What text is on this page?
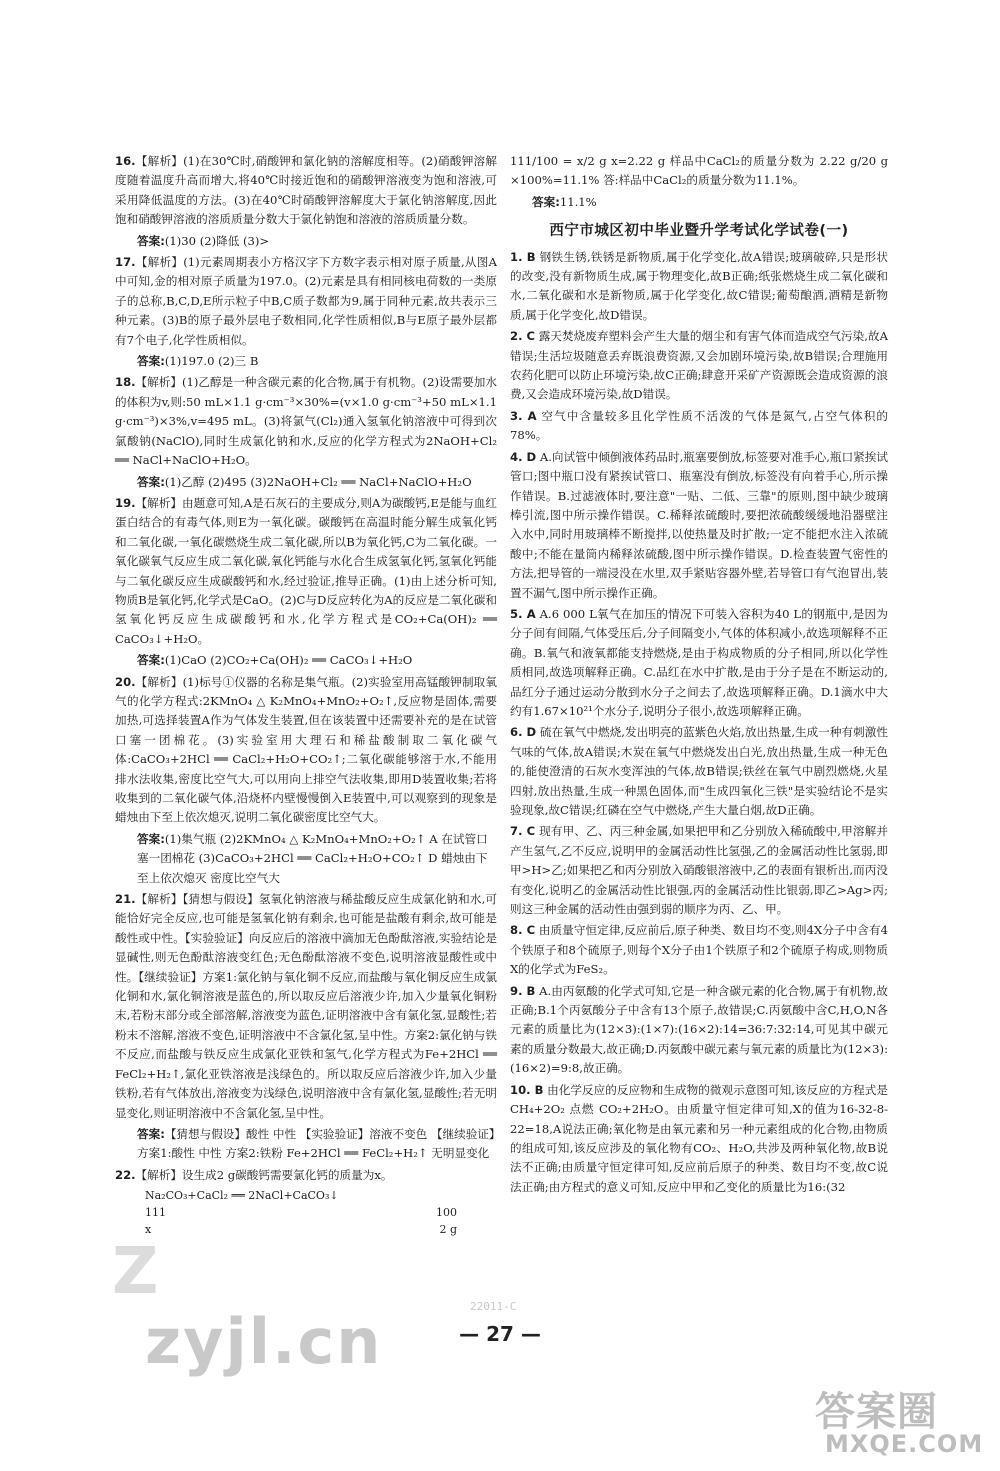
16.【解析】(1)在30℃时,硝酸钾和氯化钠的溶解度相等。(2)硝酸钾溶解度随着温度升高而增大,将40℃时接近饱和的硝酸钾溶液变为饱和溶液,可采用降低温度的方法。(3)在40℃时硝酸钾溶解度大于氯化钠溶解度,因此饱和硝酸钾溶液的溶质质量分数大于氯化钠饱和溶液的溶质质量分数。

答案:(1)30 (2)降低 (3)>

17.【解析】(1)元素周期表小方格汉字下方数字表示相对原子质量,从图A中可知,金的相对原子质量为197.0。(2)元素是具有相同核电荷数的一类原子的总称,B,C,D,E所示粒子中B,C质子数都为9,属于同种元素,故共表示三种元素。(3)B的原子最外层电子数相同,化学性质相似,B与E原子最外层都有7个电子,化学性质相似。

答案:(1)197.0 (2)三 B

18.【解析】(1)乙醇是一种含碳元素的化合物,属于有机物。(2)设需要加水的体积为v,则:50 mL×1.1 g·cm⁻³×30%=(v×1.0 g·cm⁻³+50 mL×1.1 g·cm⁻³)×3%,v=495 mL。(3)将氯气(Cl₂)通入氢氧化钠溶液中可得到次氯酸钠(NaClO),同时生成氯化钠和水,反应的化学方程式为2NaOH+Cl₂ ══ NaCl+NaClO+H₂O。

答案:(1)乙醇 (2)495 (3)2NaOH+Cl₂ ══ NaCl+NaClO+H₂O

19.【解析】由题意可知,A是石灰石的主要成分,则A为碳酸钙,E是能与血红蛋白结合的有毒气体,则E为一氧化碳。碳酸钙在高温时能分解生成氧化钙和二氧化碳,一氧化碳燃烧生成二氧化碳,所以B为氧化钙,C为二氧化碳。一氧化碳氧气反应生成二氧化碳,氧化钙能与水化合生成氢氧化钙,氢氧化钙能与二氧化碳反应生成碳酸钙和水,经过验证,推导正确。(1)由上述分析可知,物质B是氧化钙,化学式是CaO。(2)C与D反应转化为A的反应是二氧化碳和氢氧化钙反应生成碳酸钙和水,化学方程式是CO₂+Ca(OH)₂ ══ CaCO₃↓+H₂O。

答案:(1)CaO (2)CO₂+Ca(OH)₂ ══ CaCO₃↓+H₂O

20.【解析】(1)标号①仪器的名称是集气瓶。(2)实验室用高锰酸钾制取氧气的化学方程式:2KMnO₄ △ K₂MnO₄+MnO₂+O₂↑,反应物是固体,需要加热,可选择装置A作为气体发生装置,但在该装置中还需要补充的是在试管口塞一团棉花。(3)实验室用大理石和稀盐酸制取二氧化碳气体:CaCO₃+2HCl ══ CaCl₂+H₂O+CO₂↑;二氧化碳能够溶于水,不能用排水法收集,密度比空气大,可以用向上排空气法收集,即用D装置收集;若将收集到的二氧化碳气体,沿烧杯内壁慢慢倒入E装置中,可以观察到的现象是蜡烛由下至上依次熄灭,说明二氧化碳密度比空气大。

答案:(1)集气瓶 (2)2KMnO₄ △ K₂MnO₄+MnO₂+O₂↑ A 在试管口塞一团棉花 (3)CaCO₃+2HCl ══ CaCl₂+H₂O+CO₂↑ D 蜡烛由下至上依次熄灭 密度比空气大

21.【解析】【猜想与假设】氢氧化钠溶液与稀盐酸反应生成氯化钠和水,可能恰好完全反应,也可能是氢氧化钠有剩余,也可能是盐酸有剩余,故可能是酸性或中性。【实验验证】向反应后的溶液中滴加无色酚酞溶液,实验结论是显碱性,则无色酚酞溶液变红色;无色酚酞溶液不变色,说明溶液显酸性或中性。【继续验证】方案1:氯化钠与氧化铜不反应,而盐酸与氧化铜反应生成氯化铜和水,氯化铜溶液是蓝色的,所以取反应后溶液少许,加入少量氧化铜粉末,若粉末部分或全部溶解,溶液变为蓝色,证明溶液中含有氯化氢,显酸性;若粉末不溶解,溶液不变色,证明溶液中不含氯化氢,呈中性。方案2:氯化钠与铁不反应,而盐酸与铁反应生成氯化亚铁和氢气,化学方程式为Fe+2HCl ══ FeCl₂+H₂↑,氯化亚铁溶液是浅绿色的。所以取反应后溶液少许,加入少量铁粉,若有气体放出,溶液变为浅绿色,说明溶液中含有氯化氢,显酸性;若无明显变化,则证明溶液中不含氯化氢,呈中性。

答案:【猜想与假设】酸性 中性 【实验验证】溶液不变色 【继续验证】方案1:酸性 中性 方案2:铁粉 Fe+2HCl ══ FeCl₂+H₂↑ 无明显变化

22.【解析】设生成2 g碳酸钙需要氯化钙的质量为x。

Na₂CO₃+CaCl₂ ══ 2NaCl+CaCO₃↓
111	100
x	2 g

111/100 = x/2 g x=2.22 g 样品中CaCl₂的质量分数为 2.22 g/20 g ×100%=11.1% 答:样品中CaCl₂的质量分数为11.1%。

答案:11.1%

西宁市城区初中毕业暨升学考试化学试卷(一)

1. B 钢铁生锈,铁锈是新物质,属于化学变化,故A错误;玻璃破碎,只是形状的改变,没有新物质生成,属于物理变化,故B正确;纸张燃烧生成二氧化碳和水,二氧化碳和水是新物质,属于化学变化,故C错误;葡萄酿酒,酒精是新物质,属于化学变化,故D错误。

2. C 露天焚烧废弃塑料会产生大量的烟尘和有害气体而造成空气污染,故A错误;生活垃圾随意丢弃既浪费资源,又会加剧环境污染,故B错误;合理施用农药化肥可以防止环境污染,故C正确;肆意开采矿产资源既会造成资源的浪费,又会造成环境污染,故D错误。

3. A 空气中含量较多且化学性质不活泼的气体是氮气,占空气体积的78%。

4. D A.向试管中倾倒液体药品时,瓶塞要倒放,标签要对准手心,瓶口紧挨试管口;图中瓶口没有紧挨试管口、瓶塞没有倒放,标签没有向着手心,所示操作错误。B.过滤液体时,要注意"一贴、二低、三靠"的原则,图中缺少玻璃棒引流,图中所示操作错误。C.稀释浓硫酸时,要把浓硫酸缓缓地沿器壁注入水中,同时用玻璃棒不断搅拌,以使热量及时扩散;一定不能把水注入浓硫酸中;不能在量筒内稀释浓硫酸,图中所示操作错误。D.检查装置气密性的方法,把导管的一端浸没在水里,双手紧贴容器外壁,若导管口有气泡冒出,装置不漏气,图中所示操作正确。

5. A A.6 000 L氧气在加压的情况下可装入容积为40 L的钢瓶中,是因为分子间有间隔,气体受压后,分子间隔变小,气体的体积减小,故选项解释不正确。B.氧气和液氧都能支持燃烧,是由于构成物质的分子相同,所以化学性质相同,故选项解释正确。C.品红在水中扩散,是由于分子是在不断运动的,品红分子通过运动分散到水分子之间去了,故选项解释正确。D.1滴水中大约有1.67×10²¹个水分子,说明分子很小,故选项解释正确。

6. D 硫在氧气中燃烧,发出明亮的蓝紫色火焰,放出热量,生成一种有刺激性气味的气体,故A错误;木炭在氧气中燃烧发出白光,放出热量,生成一种无色的,能使澄清的石灰水变浑浊的气体,故B错误;铁丝在氧气中剧烈燃烧,火星四射,放出热量,生成一种黑色固体,而"生成四氧化三铁"是实验结论不是实验现象,故C错误;红磷在空气中燃烧,产生大量白烟,故D正确。

7. C 现有甲、乙、丙三种金属,如果把甲和乙分别放入稀硫酸中,甲溶解并产生氢气,乙不反应,说明甲的金属活动性比氢强,乙的金属活动性比氢弱,即甲>H>乙;如果把乙和丙分别放入硝酸银溶液中,乙的表面有银析出,而丙没有变化,说明乙的金属活动性比银强,丙的金属活动性比银弱,即乙>Ag>丙;则这三种金属的活动性由强到弱的顺序为丙、乙、甲。

8. C 由质量守恒定律,反应前后,原子种类、数目均不变,则4X分子中含有4个铁原子和8个硫原子,则每个X分子由1个铁原子和2个硫原子构成,则物质X的化学式为FeS₂。

9. B A.由丙氨酸的化学式可知,它是一种含碳元素的化合物,属于有机物,故正确;B.1个丙氨酸分子中含有13个原子,故错误;C.丙氨酸中含C,H,O,N各元素的质量比为(12×3):(1×7):(16×2):14=36:7:32:14,可见其中碳元素的质量分数最大,故正确;D.丙氨酸中碳元素与氧元素的质量比为(12×3):(16×2)=9:8,故正确。

10. B 由化学反应的反应物和生成物的微观示意图可知,该反应的方程式是CH₄+2O₂ 点燃 CO₂+2H₂O。由质量守恒定律可知,X的值为16-32-8-22=18,A说法正确;氧化物是由氧元素和另一种元素组成的化合物,由物质的组成可知,该反应涉及的氧化物有CO₂、H₂O,共涉及两种氧化物,故B说法不正确;由质量守恒定律可知,反应前后原子的种类、数目均不变,故C说法正确;由方程式的意义可知,反应中甲和乙变化的质量比为16:(32

Z	22011-C
— 27 —
zyjl.cn
答案圈
MXQE.COM
